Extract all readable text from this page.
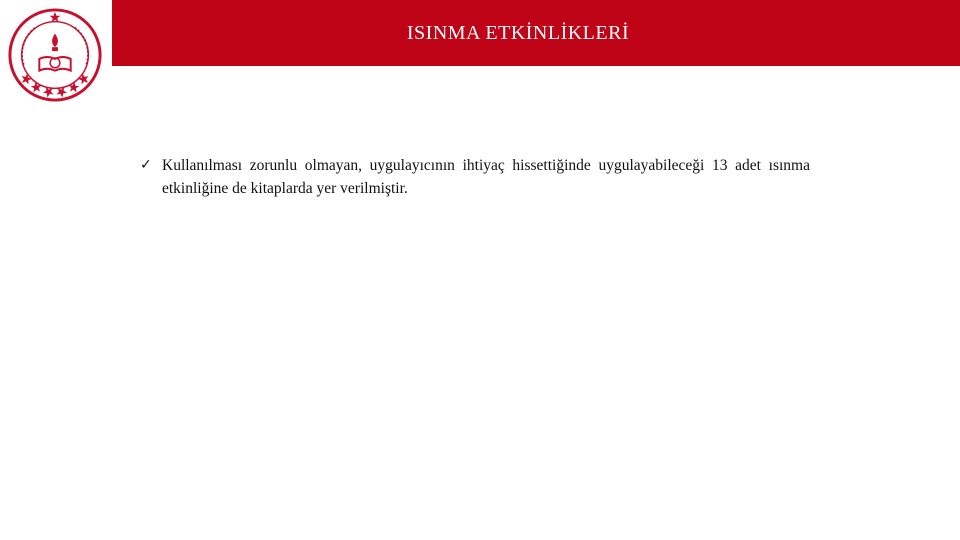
ISINMA ETKİNLİKLERİ
✓ Kullanılması zorunlu olmayan, uygulayıcının ihtiyaç hissettiğinde uygulayabileceği 13 adet ısınma etkinliğine de kitaplarda yer verilmiştir.
